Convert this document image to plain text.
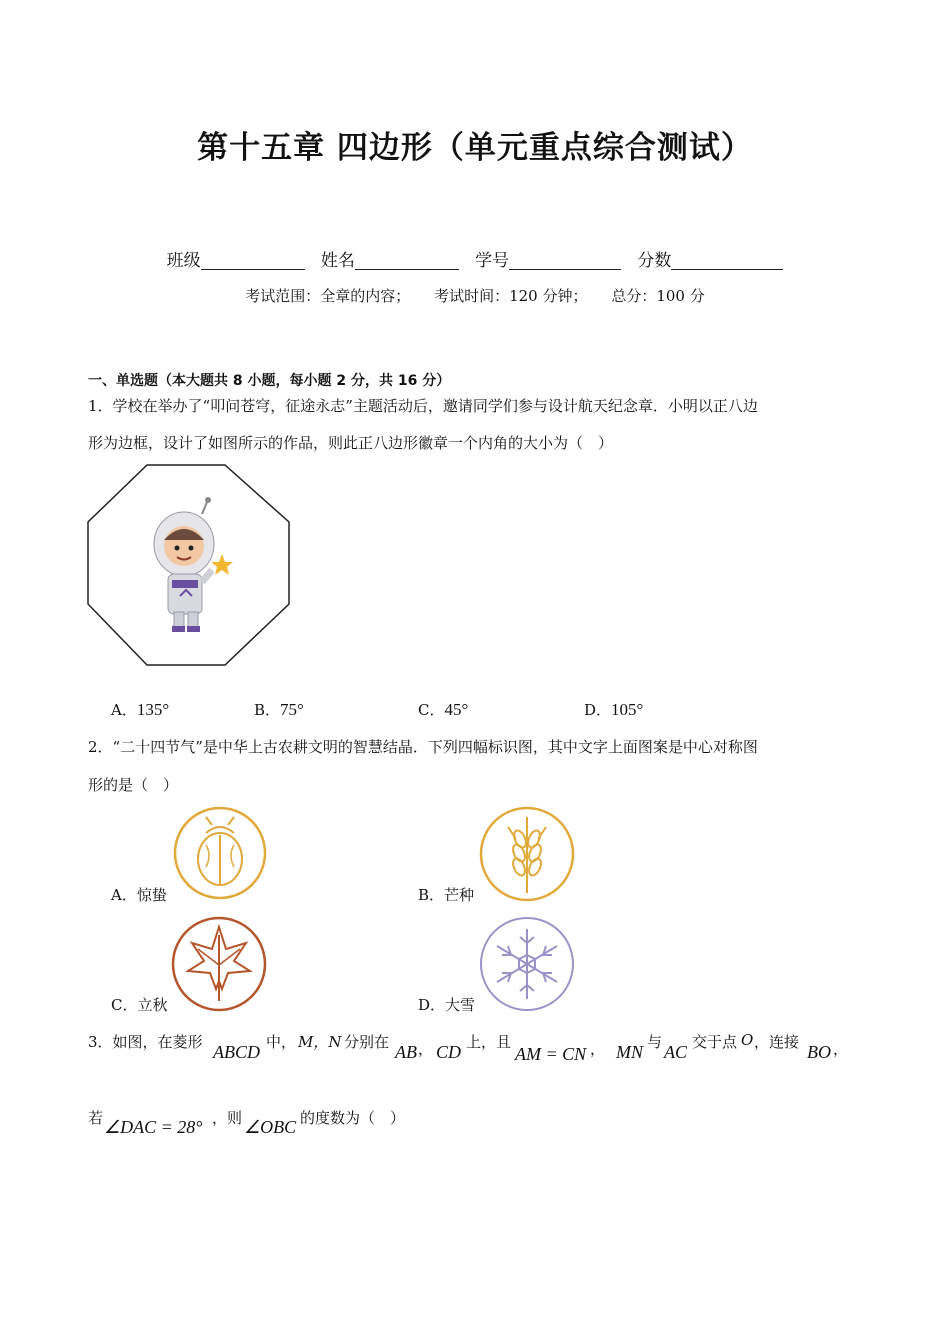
第十五章 四边形（单元重点综合测试）
班级	姓名	学号	分数
考试范围：全章的内容； 考试时间：120 分钟； 总分：100 分
一、单选题（本大题共 8 小题，每小题 2 分，共 16 分）
1．学校在举办了“叩问苍穹，征途永志”主题活动后，邀请同学们参与设计航天纪念章．小明以正八边
形为边框，设计了如图所示的作品，则此正八边形徽章一个内角的大小为（　）
A．135°	B．75°	C．45°	D．105°
2．“二十四节气”是中华上古农耕文明的智慧结晶．下列四幅标识图，其中文字上面图案是中心对称图
形的是（　）
A．惊蛰	B．芒种
C．立秋	D．大雪
3．如图，在菱形 ABCD 中， M，N 分别在 AB ， CD 上，且
AM = CN ， MN 与 AC 交于点 O ，连接 BO ，
若 ∠DAC = 28° ，则 ∠OBC 的度数为（　）
